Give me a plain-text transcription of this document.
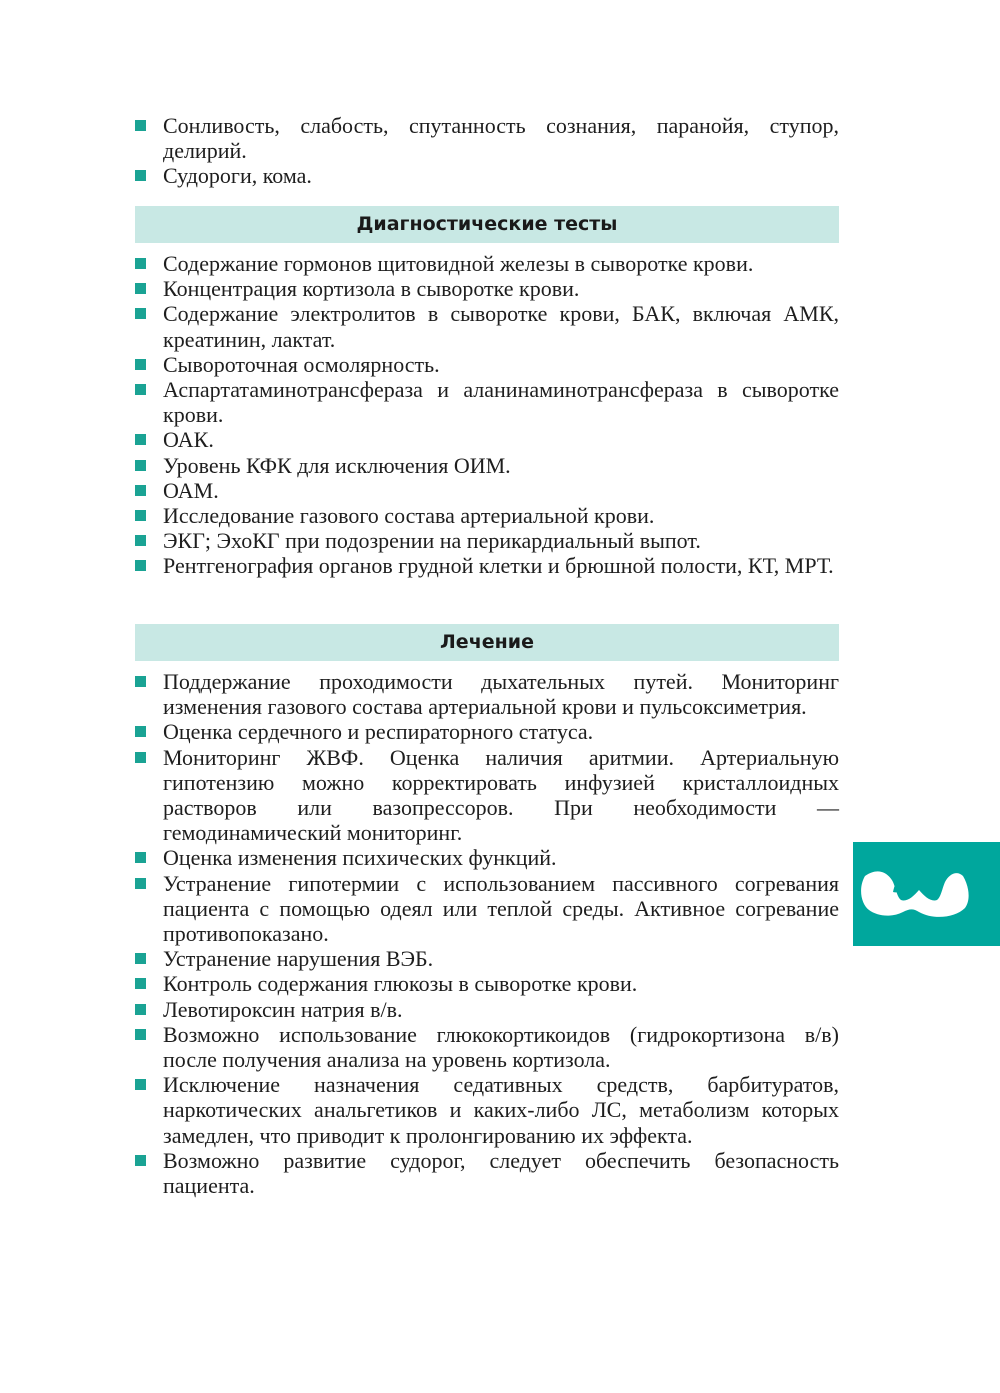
Сонливость, слабость, спутанность сознания, паранойя, ступор, делирий.
Судороги, кома.
Диагностические тесты
Содержание гормонов щитовидной железы в сыворотке крови.
Концентрация кортизола в сыворотке крови.
Содержание электролитов в сыворотке крови, БАК, включая АМК, креатинин, лактат.
Сывороточная осмолярность.
Аспартатаминотрансфераза и аланинаминотрансфераза в сыворотке крови.
ОАК.
Уровень КФК для исключения ОИМ.
ОАМ.
Исследование газового состава артериальной крови.
ЭКГ; ЭхоКГ при подозрении на перикардиальный выпот.
Рентгенография органов грудной клетки и брюшной полости, КТ, МРТ.
Лечение
Поддержание проходимости дыхательных путей. Мониторинг изменения газового состава артериальной крови и пульсоксиметрия.
Оценка сердечного и респираторного статуса.
Мониторинг ЖВФ. Оценка наличия аритмии. Артериальную гипотензию можно корректировать инфузией кристаллоидных растворов или вазопрессоров. При необходимости — гемодинамический мониторинг.
Оценка изменения психических функций.
Устранение гипотермии с использованием пассивного согревания пациента с помощью одеял или теплой среды. Активное согревание противопоказано.
Устранение нарушения ВЭБ.
Контроль содержания глюкозы в сыворотке крови.
Левотироксин натрия в/в.
Возможно использование глюкокортикоидов (гидрокортизона в/в) после получения анализа на уровень кортизола.
Исключение назначения седативных средств, барбитуратов, наркотических анальгетиков и каких-либо ЛС, метаболизм которых замедлен, что приводит к пролонгированию их эффекта.
Возможно развитие судорог, следует обеспечить безопасность пациента.
